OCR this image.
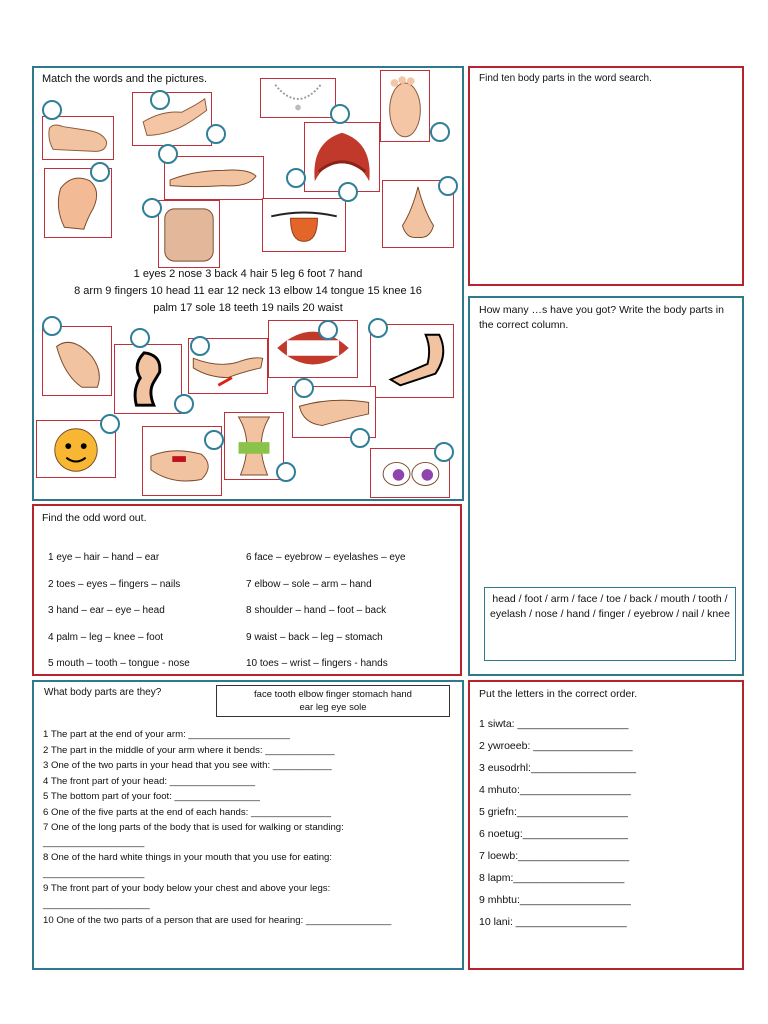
Match the words and the pictures.
1 eyes 2 nose 3 back 4 hair 5 leg 6 foot 7 hand
8 arm 9 fingers 10 head 11 ear 12 neck 13 elbow 14 tongue 15 knee 16
palm 17 sole 18 teeth 19 nails 20 waist
Find ten body parts in the word search.
How many …s have you got? Write the body parts in the correct column.
head / foot / arm / face / toe / back / mouth / tooth / eyelash / nose / hand / finger / eyebrow / nail / knee
Find the odd word out.
1 eye – hair – hand – ear
2 toes – eyes – fingers – nails
3 hand – ear – eye – head
4 palm – leg – knee – foot
5 mouth – tooth – tongue - nose
6 face – eyebrow – eyelashes – eye
7 elbow – sole – arm – hand
8 shoulder – hand – foot – back
9 waist – back – leg – stomach
10 toes – wrist – fingers - hands
What body parts are they?	face tooth elbow finger stomach hand
ear leg eye sole
1 The part at the end of your arm: ___________________
2 The part in the middle of your arm where it bends: _____________
3 One of the two parts in your head that you see with: ___________
4 The front part of your head: ________________
5 The bottom part of your foot: ________________
6 One of the five parts at the end of each hands: _______________
7 One of the long parts of the body that is used for walking or standing:
___________________
8 One of the hard white things in your mouth that you use for eating:
___________________
9 The front part of your body below your chest and above your legs:
____________________
10 One of the two parts of a person that are used for hearing: ________________
Put the letters in the correct order.
1 siwta: ___________________
2 ywroeeb: _________________
3 eusodrhl:__________________
4 mhuto:___________________
5 griefn:___________________
6 noetug:__________________
7 loewb:___________________
8 lapm:___________________
9 mhbtu:___________________
10 lani: ___________________
